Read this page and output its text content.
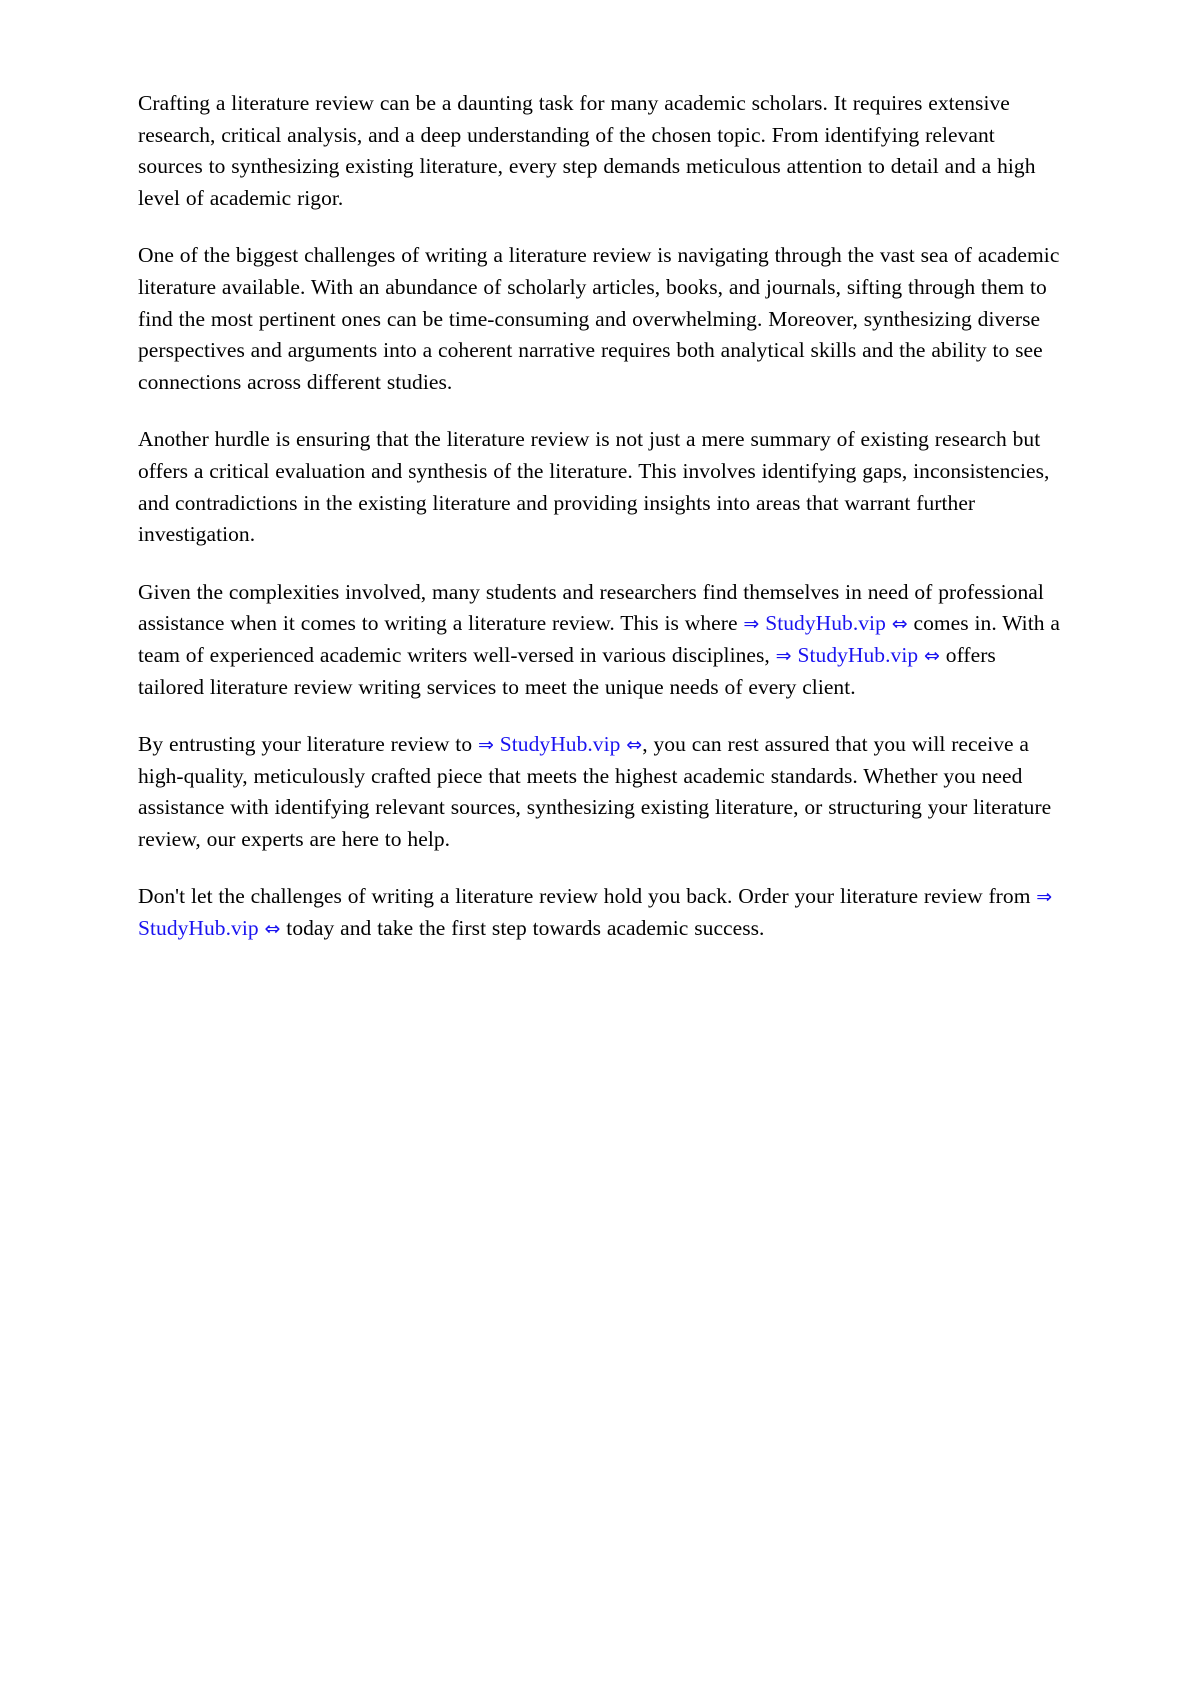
Crafting a literature review can be a daunting task for many academic scholars. It requires extensive research, critical analysis, and a deep understanding of the chosen topic. From identifying relevant sources to synthesizing existing literature, every step demands meticulous attention to detail and a high level of academic rigor.

One of the biggest challenges of writing a literature review is navigating through the vast sea of academic literature available. With an abundance of scholarly articles, books, and journals, sifting through them to find the most pertinent ones can be time-consuming and overwhelming. Moreover, synthesizing diverse perspectives and arguments into a coherent narrative requires both analytical skills and the ability to see connections across different studies.

Another hurdle is ensuring that the literature review is not just a mere summary of existing research but offers a critical evaluation and synthesis of the literature. This involves identifying gaps, inconsistencies, and contradictions in the existing literature and providing insights into areas that warrant further investigation.

Given the complexities involved, many students and researchers find themselves in need of professional assistance when it comes to writing a literature review. This is where ⇒ StudyHub.vip ⇔ comes in. With a team of experienced academic writers well-versed in various disciplines, ⇒ StudyHub.vip ⇔ offers tailored literature review writing services to meet the unique needs of every client.

By entrusting your literature review to ⇒ StudyHub.vip ⇔, you can rest assured that you will receive a high-quality, meticulously crafted piece that meets the highest academic standards. Whether you need assistance with identifying relevant sources, synthesizing existing literature, or structuring your literature review, our experts are here to help.

Don't let the challenges of writing a literature review hold you back. Order your literature review from ⇒ StudyHub.vip ⇔ today and take the first step towards academic success.
